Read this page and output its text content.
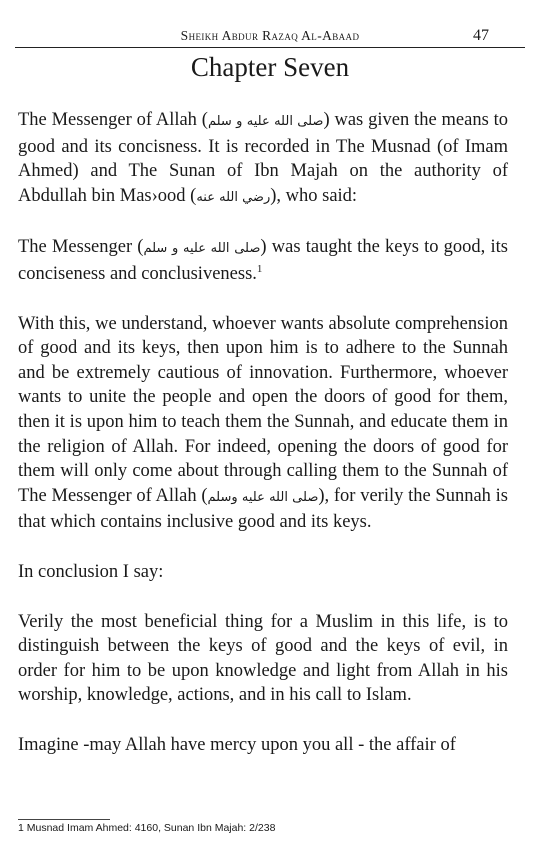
Sheikh Abdur Razaq Al-Abaad	47
Chapter Seven

The Messenger of Allah (صلى الله عليه و سلم) was given the means to good and its concisness. It is recorded in The Musnad (of Imam Ahmed) and The Sunan of Ibn Majah on the authority of Abdullah bin Mas›ood (رضي الله عنه), who said:

The Messenger (صلى الله عليه و سلم) was taught the keys to good, its conciseness and conclusiveness.$^1$

With this, we understand, whoever wants absolute comprehension of good and its keys, then upon him is to adhere to the Sunnah and be extremely cautious of innovation. Furthermore, whoever wants to unite the people and open the doors of good for them, then it is upon him to teach them the Sunnah, and educate them in the religion of Allah. For indeed, opening the doors of good for them will only come about through calling them to the Sunnah of The Messenger of Allah (صلى الله عليه وسلم), for verily the Sunnah is that which contains inclusive good and its keys.

In conclusion I say:

Verily the most beneficial thing for a Muslim in this life, is to distinguish between the keys of good and the keys of evil, in order for him to be upon knowledge and light from Allah in his worship, knowledge, actions, and in his call to Islam.

Imagine -may Allah have mercy upon you all - the affair of

1 Musnad Imam Ahmed: 4160, Sunan Ibn Majah: 2/238
